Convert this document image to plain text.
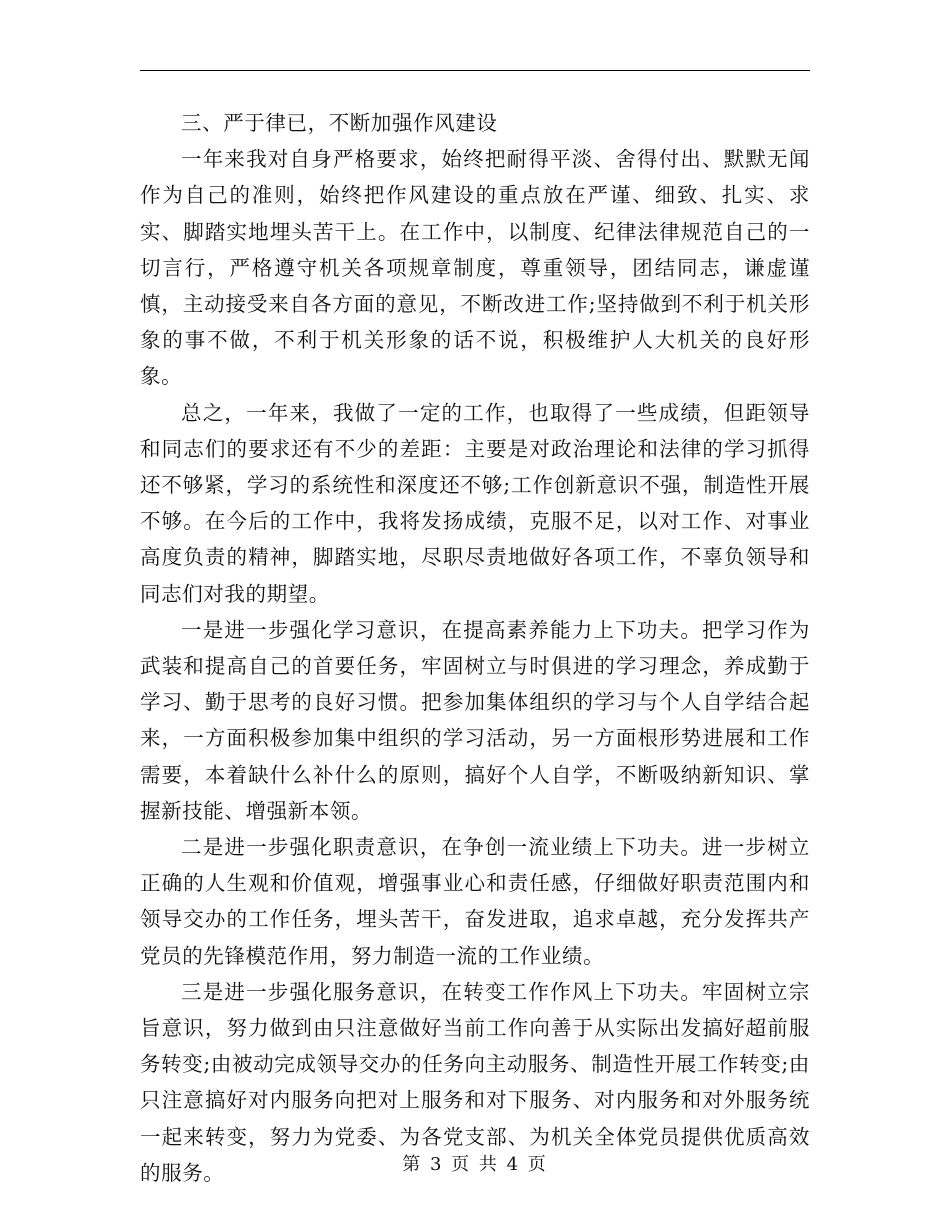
三、严于律已，不断加强作风建设

一年来我对自身严格要求，始终把耐得平淡、舍得付出、默默无闻作为自己的准则，始终把作风建设的重点放在严谨、细致、扎实、求实、脚踏实地埋头苦干上。在工作中，以制度、纪律法律规范自己的一切言行，严格遵守机关各项规章制度，尊重领导，团结同志，谦虚谨慎，主动接受来自各方面的意见，不断改进工作;坚持做到不利于机关形象的事不做，不利于机关形象的话不说，积极维护人大机关的良好形象。

总之，一年来，我做了一定的工作，也取得了一些成绩，但距领导和同志们的要求还有不少的差距：主要是对政治理论和法律的学习抓得还不够紧，学习的系统性和深度还不够;工作创新意识不强，制造性开展不够。在今后的工作中，我将发扬成绩，克服不足，以对工作、对事业高度负责的精神，脚踏实地，尽职尽责地做好各项工作，不辜负领导和同志们对我的期望。

一是进一步强化学习意识，在提高素养能力上下功夫。把学习作为武装和提高自己的首要任务，牢固树立与时俱进的学习理念，养成勤于学习、勤于思考的良好习惯。把参加集体组织的学习与个人自学结合起来，一方面积极参加集中组织的学习活动，另一方面根形势进展和工作需要，本着缺什么补什么的原则，搞好个人自学，不断吸纳新知识、掌握新技能、增强新本领。

二是进一步强化职责意识，在争创一流业绩上下功夫。进一步树立正确的人生观和价值观，增强事业心和责任感，仔细做好职责范围内和领导交办的工作任务，埋头苦干，奋发进取，追求卓越，充分发挥共产党员的先锋模范作用，努力制造一流的工作业绩。

三是进一步强化服务意识，在转变工作作风上下功夫。牢固树立宗旨意识，努力做到由只注意做好当前工作向善于从实际出发搞好超前服务转变;由被动完成领导交办的任务向主动服务、制造性开展工作转变;由只注意搞好对内服务向把对上服务和对下服务、对内服务和对外服务统一起来转变，努力为党委、为各党支部、为机关全体党员提供优质高效的服务。	第 3 页 共 4 页
